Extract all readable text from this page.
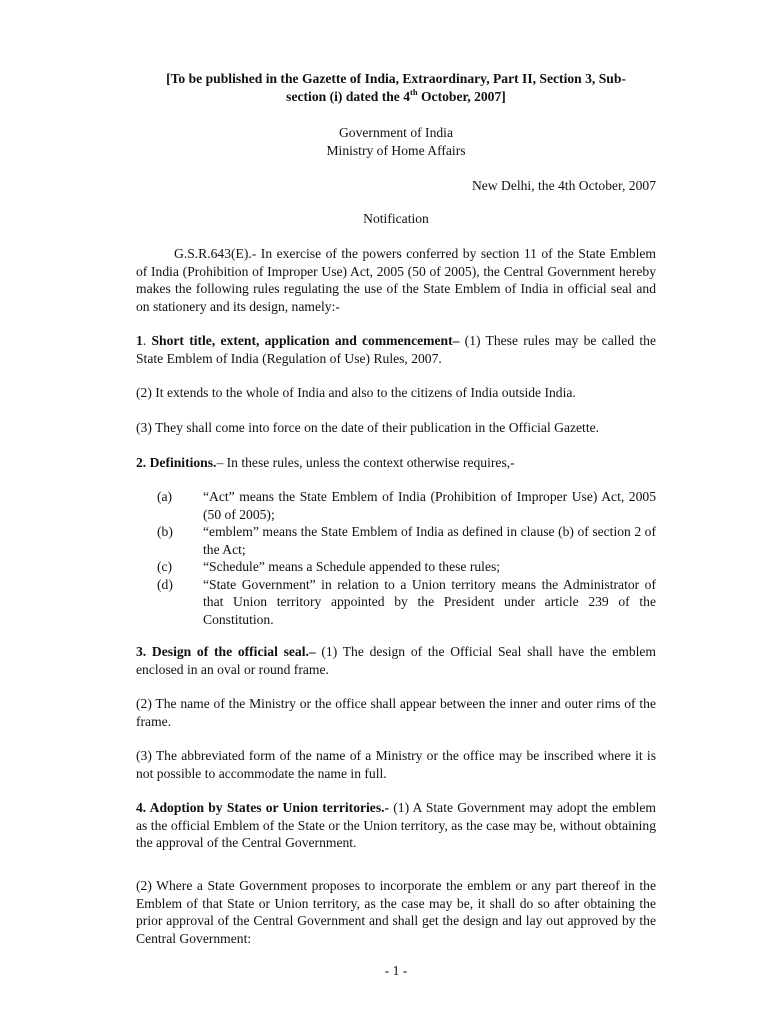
[To be published in the Gazette of India, Extraordinary, Part II, Section 3, Sub-
section (i) dated the 4th October, 2007]

Government of India
Ministry of Home Affairs

New Delhi, the 4th October, 2007

Notification

G.S.R.643(E).- In exercise of the powers conferred by section 11 of the State Emblem of India (Prohibition of Improper Use) Act, 2005 (50 of 2005), the Central Government hereby makes the following rules regulating the use of the State Emblem of India in official seal and on stationery and its design, namely:-

1. Short title, extent, application and commencement– (1) These rules may be called the State Emblem of India (Regulation of Use) Rules, 2007.

(2) It extends to the whole of India and also to the citizens of India outside India.

(3) They shall come into force on the date of their publication in the Official Gazette.

2. Definitions.– In these rules, unless the context otherwise requires,-

(a)	“Act” means the State Emblem of India (Prohibition of Improper Use) Act, 2005 (50 of 2005);
(b)	“emblem” means the State Emblem of India as defined in clause (b) of section 2 of the Act;
(c)	“Schedule” means a Schedule appended to these rules;
(d)	“State Government” in relation to a Union territory means the Administrator of that Union territory appointed by the President under article 239 of the Constitution.

3. Design of the official seal.– (1) The design of the Official Seal shall have the emblem enclosed in an oval or round frame.

(2) The name of the Ministry or the office shall appear between the inner and outer rims of the frame.

(3) The abbreviated form of the name of a Ministry or the office may be inscribed where it is not possible to accommodate the name in full.

4. Adoption by States or Union territories.- (1) A State Government may adopt the emblem as the official Emblem of the State or the Union territory, as the case may be, without obtaining the approval of the Central Government.

(2) Where a State Government proposes to incorporate the emblem or any part thereof in the Emblem of that State or Union territory, as the case may be, it shall do so after obtaining the prior approval of the Central Government and shall get the design and lay out approved by the Central Government:

- 1 -
